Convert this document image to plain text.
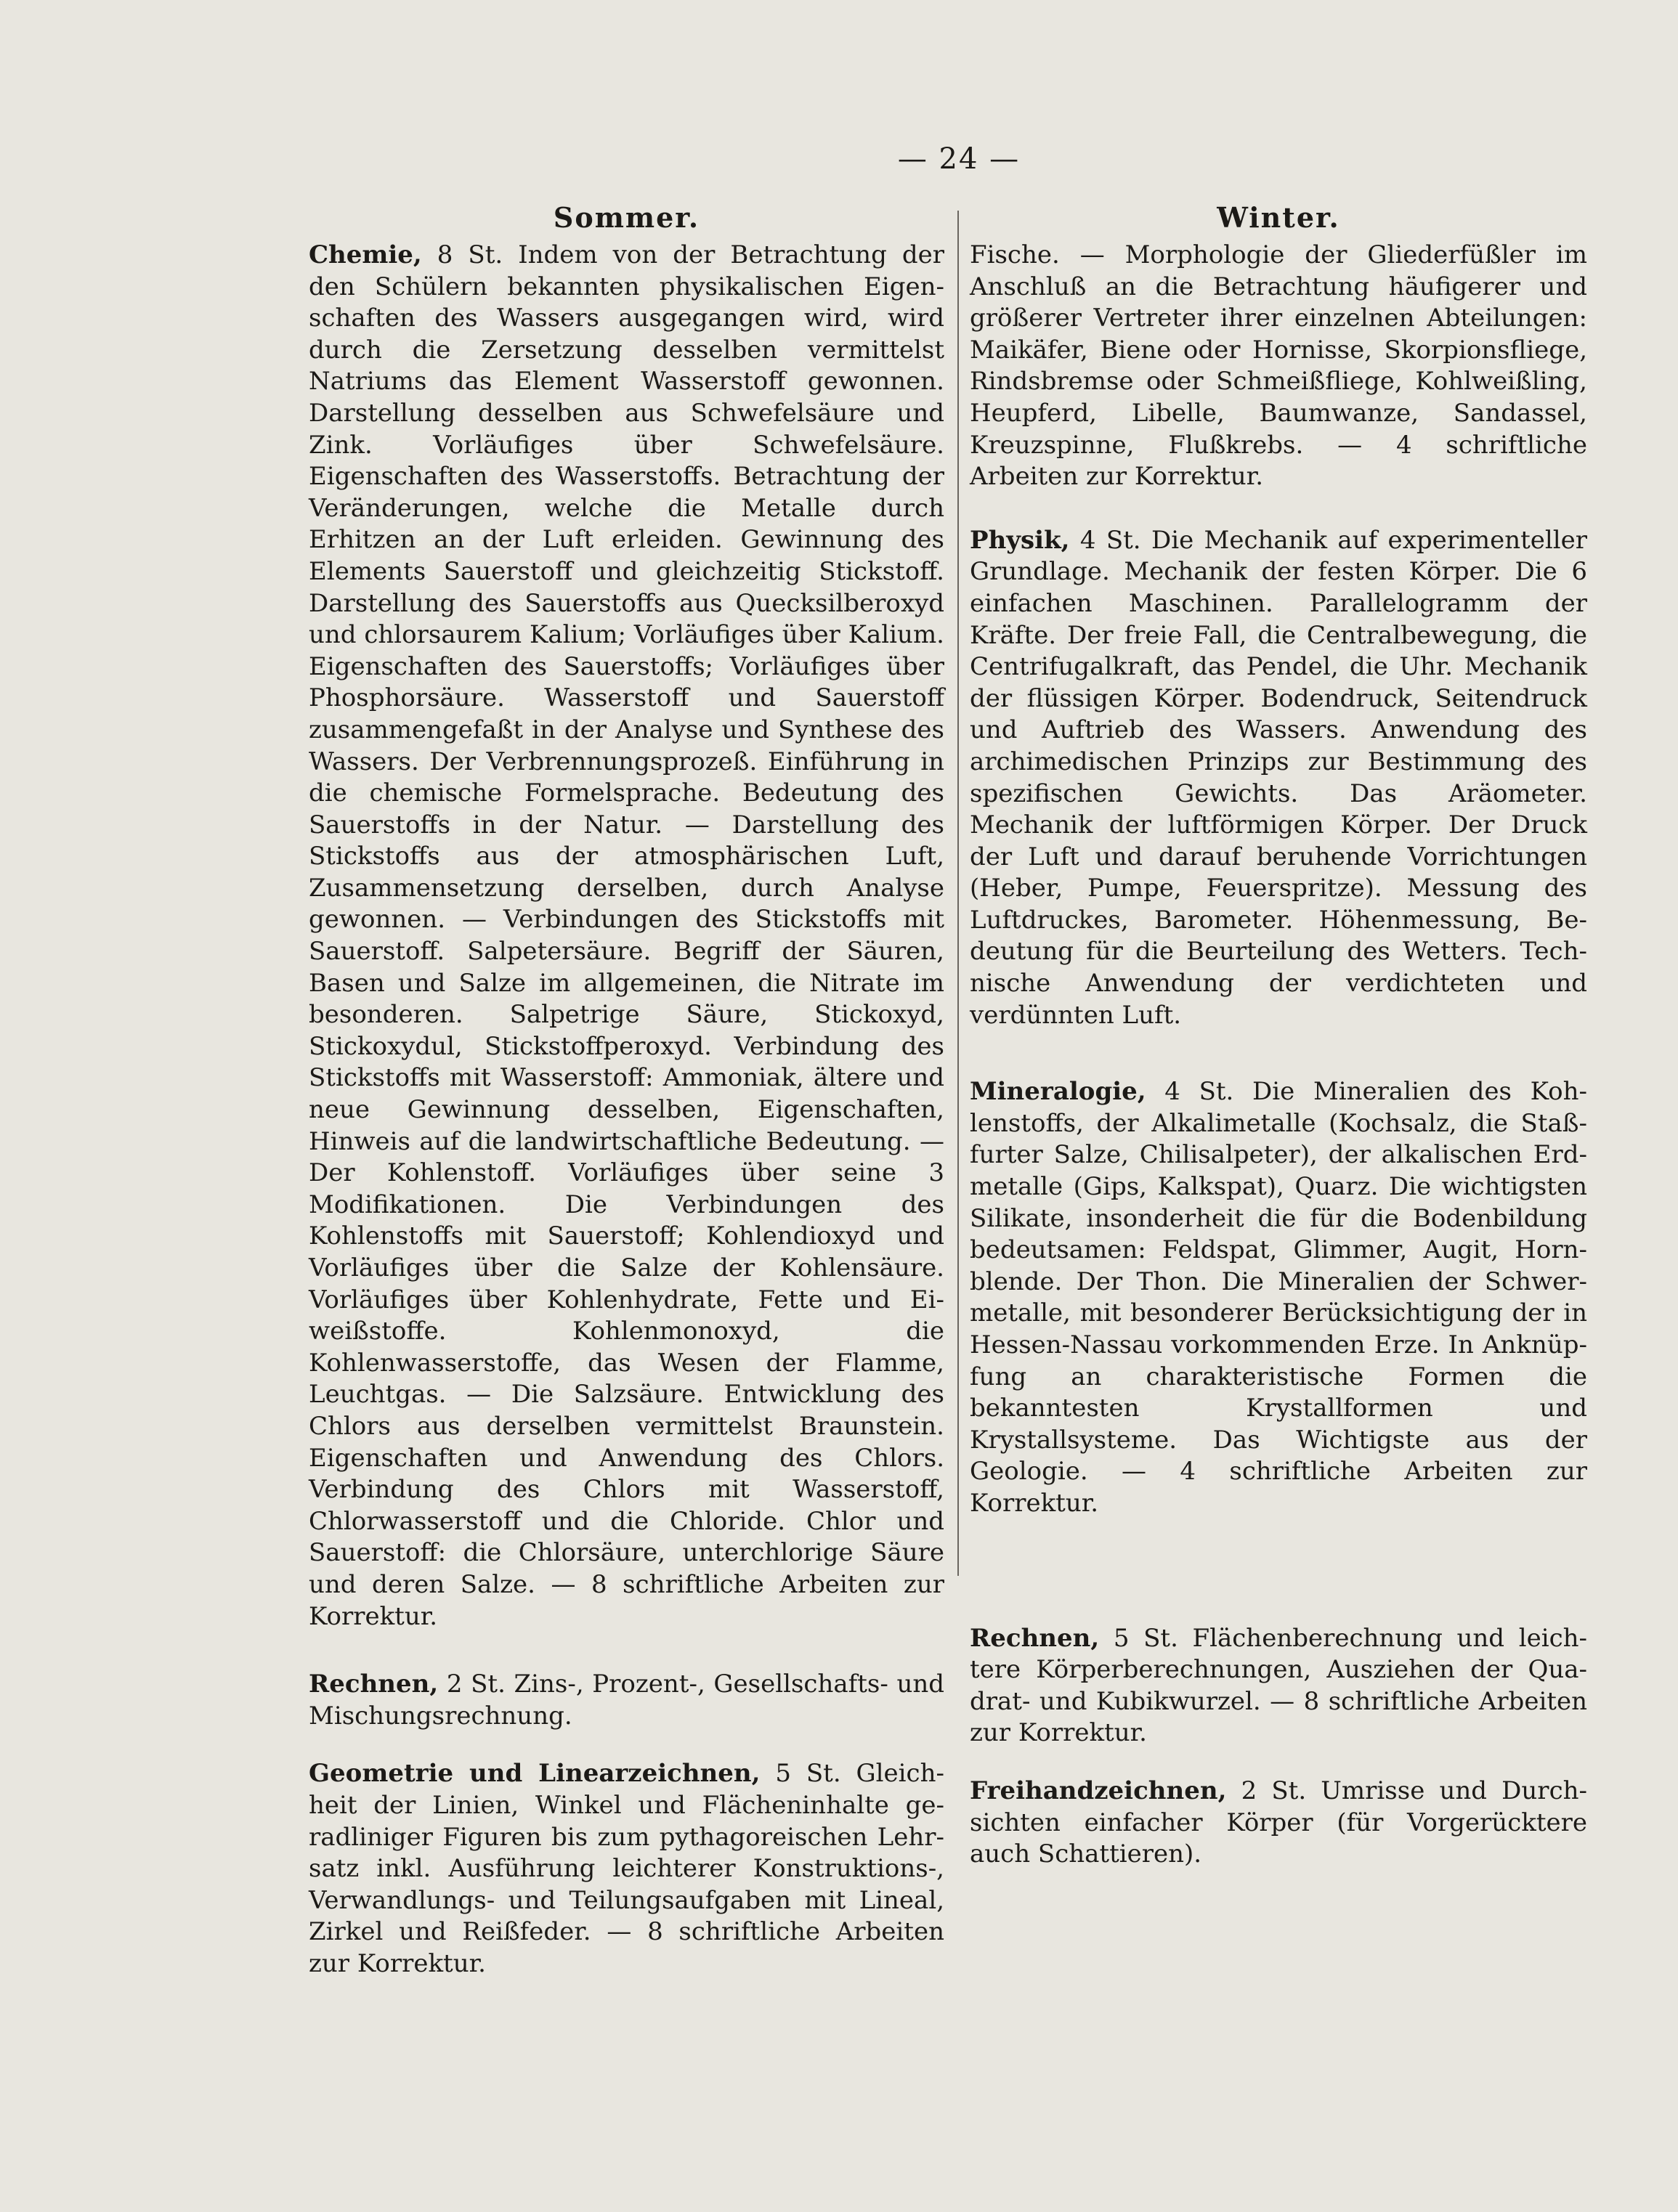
— 24 —
Sommer.

Chemie, 8 St. Indem von der Betrachtung der den Schülern bekannten physikalischen Eigenschaften des Wassers ausgegangen wird, wird durch die Zersetzung desselben vermittelst Natriums das Element Wasserstoff gewonnen. Darstellung desselben aus Schwefelsäure und Zink. Vorläufiges über Schwefelsäure. Eigenschaften des Wasserstoffs. Betrachtung der Veränderungen, welche die Metalle durch Erhitzen an der Luft erleiden. Gewinnung des Elements Sauerstoff und gleichzeitig Stickstoff. Darstellung des Sauerstoffs aus Quecksilberoxyd und chlorsaurem Kalium; Vorläufiges über Kalium. Eigenschaften des Sauerstoffs; Vorläufiges über Phosphorsäure. Wasserstoff und Sauerstoff zusammengefaßt in der Analyse und Synthese des Wassers. Der Verbrennungsprozeß. Einführung in die chemische Formelsprache. Bedeutung des Sauerstoffs in der Natur. — Darstellung des Stickstoffs aus der atmosphärischen Luft, Zusammensetzung derselben, durch Analyse gewonnen. — Verbindungen des Stickstoffs mit Sauerstoff. Salpetersäure. Begriff der Säuren, Basen und Salze im allgemeinen, die Nitrate im besonderen. Salpetrige Säure, Stickoxyd, Stickoxydul, Stickstoffperoxyd. Verbindung des Stickstoffs mit Wasserstoff: Ammoniak, ältere und neue Gewinnung desselben, Eigenschaften, Hinweis auf die landwirtschaftliche Bedeutung. — Der Kohlenstoff. Vorläufiges über seine 3 Modifikationen. Die Verbindungen des Kohlenstoffs mit Sauerstoff; Kohlendioxyd und Vorläufiges über die Salze der Kohlensäure. Vorläufiges über Kohlenhydrate, Fette und Eiweißstoffe. Kohlenmonoxyd, die Kohlenwasserstoffe, das Wesen der Flamme, Leuchtgas. — Die Salzsäure. Entwicklung des Chlors aus derselben vermittelst Braunstein. Eigenschaften und Anwendung des Chlors. Verbindung des Chlors mit Wasserstoff, Chlorwasserstoff und die Chloride. Chlor und Sauerstoff: die Chlorsäure, unterchlorige Säure und deren Salze. — 8 schriftliche Arbeiten zur Korrektur.

Rechnen, 2 St. Zins-, Prozent-, Gesellschafts- und Mischungsrechnung.

Geometrie und Linearzeichnen, 5 St. Gleichheit der Linien, Winkel und Flächeninhalte geradliniger Figuren bis zum pythagoreischen Lehrsatz inkl. Ausführung leichterer Konstruktions-, Verwandlungs- und Teilungsaufgaben mit Lineal, Zirkel und Reißfeder. — 8 schriftliche Arbeiten zur Korrektur.

Winter.

Fische. — Morphologie der Gliederfüßler im Anschluß an die Betrachtung häufigerer und größerer Vertreter ihrer einzelnen Abteilungen: Maikäfer, Biene oder Hornisse, Skorpionsfliege, Rindsbremse oder Schmeißfliege, Kohlweißling, Heupferd, Libelle, Baumwanze, Sandassel, Kreuzspinne, Flußkrebs. — 4 schriftliche Arbeiten zur Korrektur.

Physik, 4 St. Die Mechanik auf experimenteller Grundlage. Mechanik der festen Körper. Die 6 einfachen Maschinen. Parallelogramm der Kräfte. Der freie Fall, die Centralbewegung, die Centrifugalkraft, das Pendel, die Uhr. Mechanik der flüssigen Körper. Bodendruck, Seitendruck und Auftrieb des Wassers. Anwendung des archimedischen Prinzips zur Bestimmung des spezifischen Gewichts. Das Aräometer. Mechanik der luftförmigen Körper. Der Druck der Luft und darauf beruhende Vorrichtungen (Heber, Pumpe, Feuerspritze). Messung des Luftdruckes, Barometer. Höhenmessung, Bedeutung für die Beurteilung des Wetters. Technische Anwendung der verdichteten und verdünnten Luft.

Mineralogie, 4 St. Die Mineralien des Kohlenstoffs, der Alkalimetalle (Kochsalz, die Staßfurter Salze, Chilisalpeter), der alkalischen Erdmetalle (Gips, Kalkspat), Quarz. Die wichtigsten Silikate, insonderheit die für die Bodenbildung bedeutsamen: Feldspat, Glimmer, Augit, Hornblende. Der Thon. Die Mineralien der Schwermetalle, mit besonderer Berücksichtigung der in Hessen-Nassau vorkommenden Erze. In Anknüpfung an charakteristische Formen die bekanntesten Krystallformen und Krystallsysteme. Das Wichtigste aus der Geologie. — 4 schriftliche Arbeiten zur Korrektur.

Rechnen, 5 St. Flächenberechnung und leichtere Körperberechnungen, Ausziehen der Quadrat- und Kubikwurzel. — 8 schriftliche Arbeiten zur Korrektur.

Freihandzeichnen, 2 St. Umrisse und Durchsichten einfacher Körper (für Vorgerücktere auch Schattieren).
